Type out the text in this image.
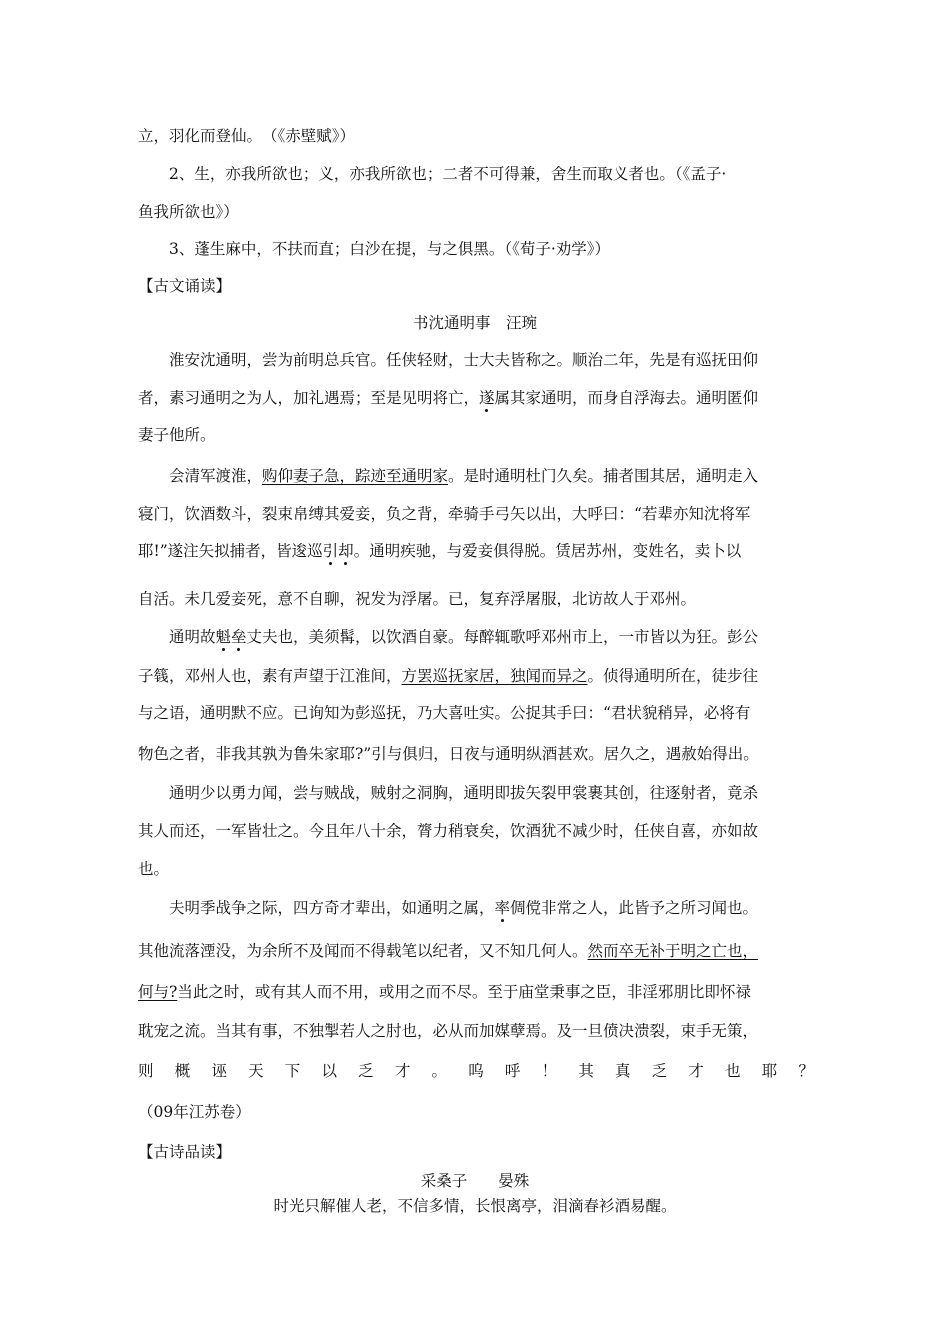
立，羽化而登仙。　（《赤壁赋》）

2、生，亦我所欲也；义，亦我所欲也；二者不可得兼，舍生而取义者也。（《孟子·

鱼我所欲也》）

3、蓬生麻中，不扶而直；白沙在提，与之俱黑。（《荀子·劝学》）

【古文诵读】

书沈通明事　汪琬

淮安沈通明，尝为前明总兵官。任侠轻财，士大夫皆称之。顺治二年，先是有巡抚田仰

者，素习通明之为人，加礼遇焉；至是见明将亡，遂属其家通明，而身自浮海去。通明匿仰

妻子他所。

会清军渡淮，购仰妻子急，踪迹至通明家。是时通明杜门久矣。捕者围其居，通明走入

寝门，饮酒数斗，裂束帛缚其爱妾，负之背，牵骑手弓矢以出，大呼曰：“若辈亦知沈将军

耶!”遂注矢拟捕者，皆逡巡引却。通明疾驰，与爱妾俱得脱。赁居苏州，变姓名，卖卜以

自活。未几爱妾死，意不自聊，祝发为浮屠。已，复弃浮屠服，北访故人于邓州。

通明故魁垒丈夫也，美须髯，以饮酒自豪。每醉辄歌呼邓州市上，一市皆以为狂。彭公

子篯，邓州人也，素有声望于江淮间，方罢巡抚家居，独闻而异之。侦得通明所在，徒步往

与之语，通明默不应。已询知为彭巡抚，乃大喜吐实。公捉其手曰：“君状貌稍异，必将有

物色之者，非我其孰为鲁朱家耶?”引与俱归，日夜与通明纵酒甚欢。居久之，遇赦始得出。

通明少以勇力闻，尝与贼战，贼射之洞胸，通明即拔矢裂甲裳裹其创，往逐射者，竟杀

其人而还，一军皆壮之。今且年八十余，膂力稍衰矣，饮酒犹不减少时，任侠自喜，亦如故

也。

夫明季战争之际，四方奇才辈出，如通明之属，率倜傥非常之人，此皆予之所习闻也。

其他流落湮没，为余所不及闻而不得载笔以纪者，又不知几何人。然而卒无补于明之亡也，

何与?当此之时，或有其人而不用，或用之而不尽。至于庙堂秉事之臣，非淫邪朋比即怀禄

耽宠之流。当其有事，不独掣若人之肘也，必从而加媒孽焉。及一旦偾决溃裂，束手无策，

则概诬天下以乏才。呜呼！其真乏才也耶？

（09年江苏卷）

【古诗品读】

采桑子　　晏殊

时光只解催人老，不信多情，长恨离亭，泪滴春衫酒易醒。
